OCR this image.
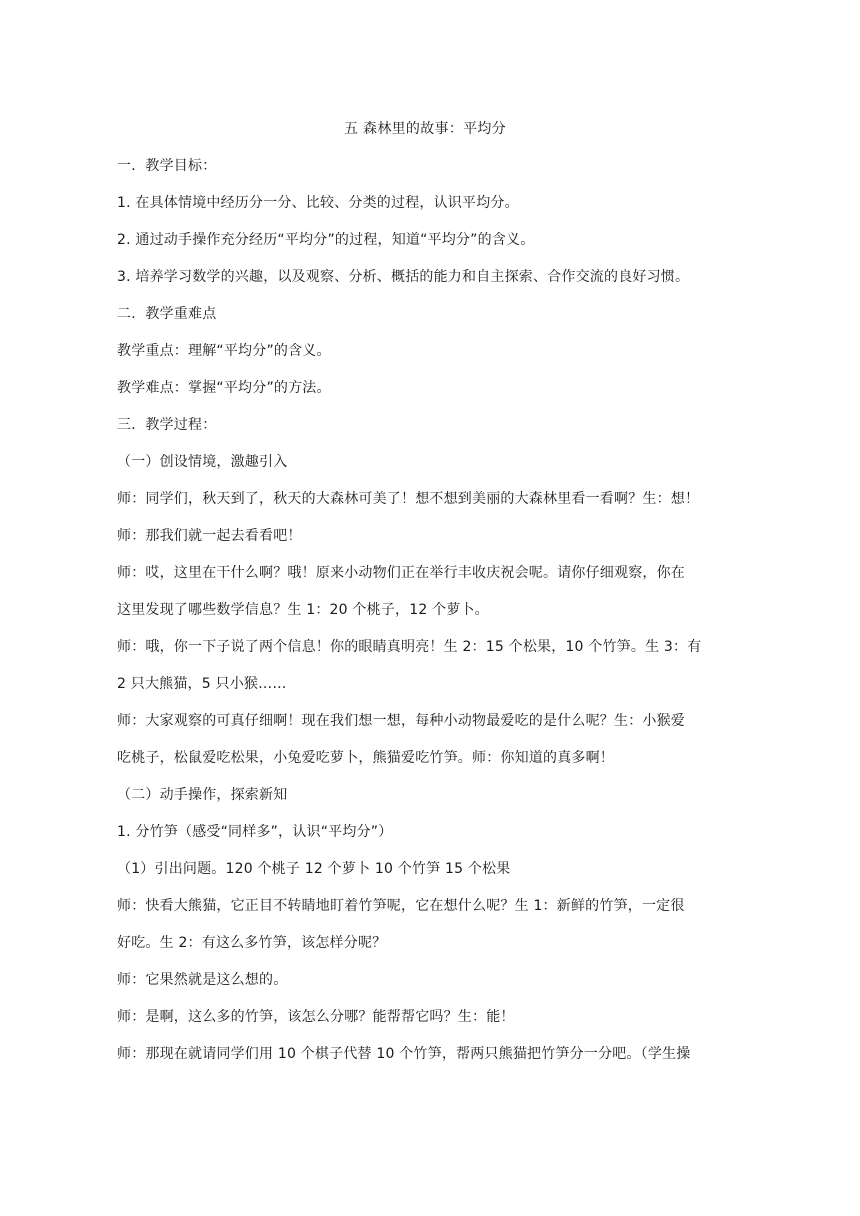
五 森林里的故事：平均分
一．教学目标：
1. 在具体情境中经历分一分、比较、分类的过程，认识平均分。
2. 通过动手操作充分经历“平均分”的过程，知道“平均分”的含义。
3. 培养学习数学的兴趣，以及观察、分析、概括的能力和自主探索、合作交流的良好习惯。
二．教学重难点
教学重点：理解“平均分”的含义。
教学难点：掌握“平均分”的方法。
三．教学过程：
（一）创设情境，激趣引入
师：同学们，秋天到了，秋天的大森林可美了！想不想到美丽的大森林里看一看啊？生：想！
师：那我们就一起去看看吧！
师：哎，这里在干什么啊？哦！原来小动物们正在举行丰收庆祝会呢。请你仔细观察，你在
这里发现了哪些数学信息？生 1：20 个桃子，12 个萝卜。
师：哦，你一下子说了两个信息！你的眼睛真明亮！生 2：15 个松果，10 个竹笋。生 3：有
2 只大熊猫，5 只小猴……
师：大家观察的可真仔细啊！现在我们想一想，每种小动物最爱吃的是什么呢？生：小猴爱
吃桃子，松鼠爱吃松果，小兔爱吃萝卜，熊猫爱吃竹笋。师：你知道的真多啊！
（二）动手操作，探索新知
1. 分竹笋（感受“同样多”，认识“平均分”）
（1）引出问题。120 个桃子 12 个萝卜 10 个竹笋 15 个松果
师：快看大熊猫，它正目不转睛地盯着竹笋呢，它在想什么呢？生 1：新鲜的竹笋，一定很
好吃。生 2：有这么多竹笋，该怎样分呢？
师：它果然就是这么想的。
师：是啊，这么多的竹笋，该怎么分哪？能帮帮它吗？生：能！
师：那现在就请同学们用 10 个棋子代替 10 个竹笋，帮两只熊猫把竹笋分一分吧。（学生操
